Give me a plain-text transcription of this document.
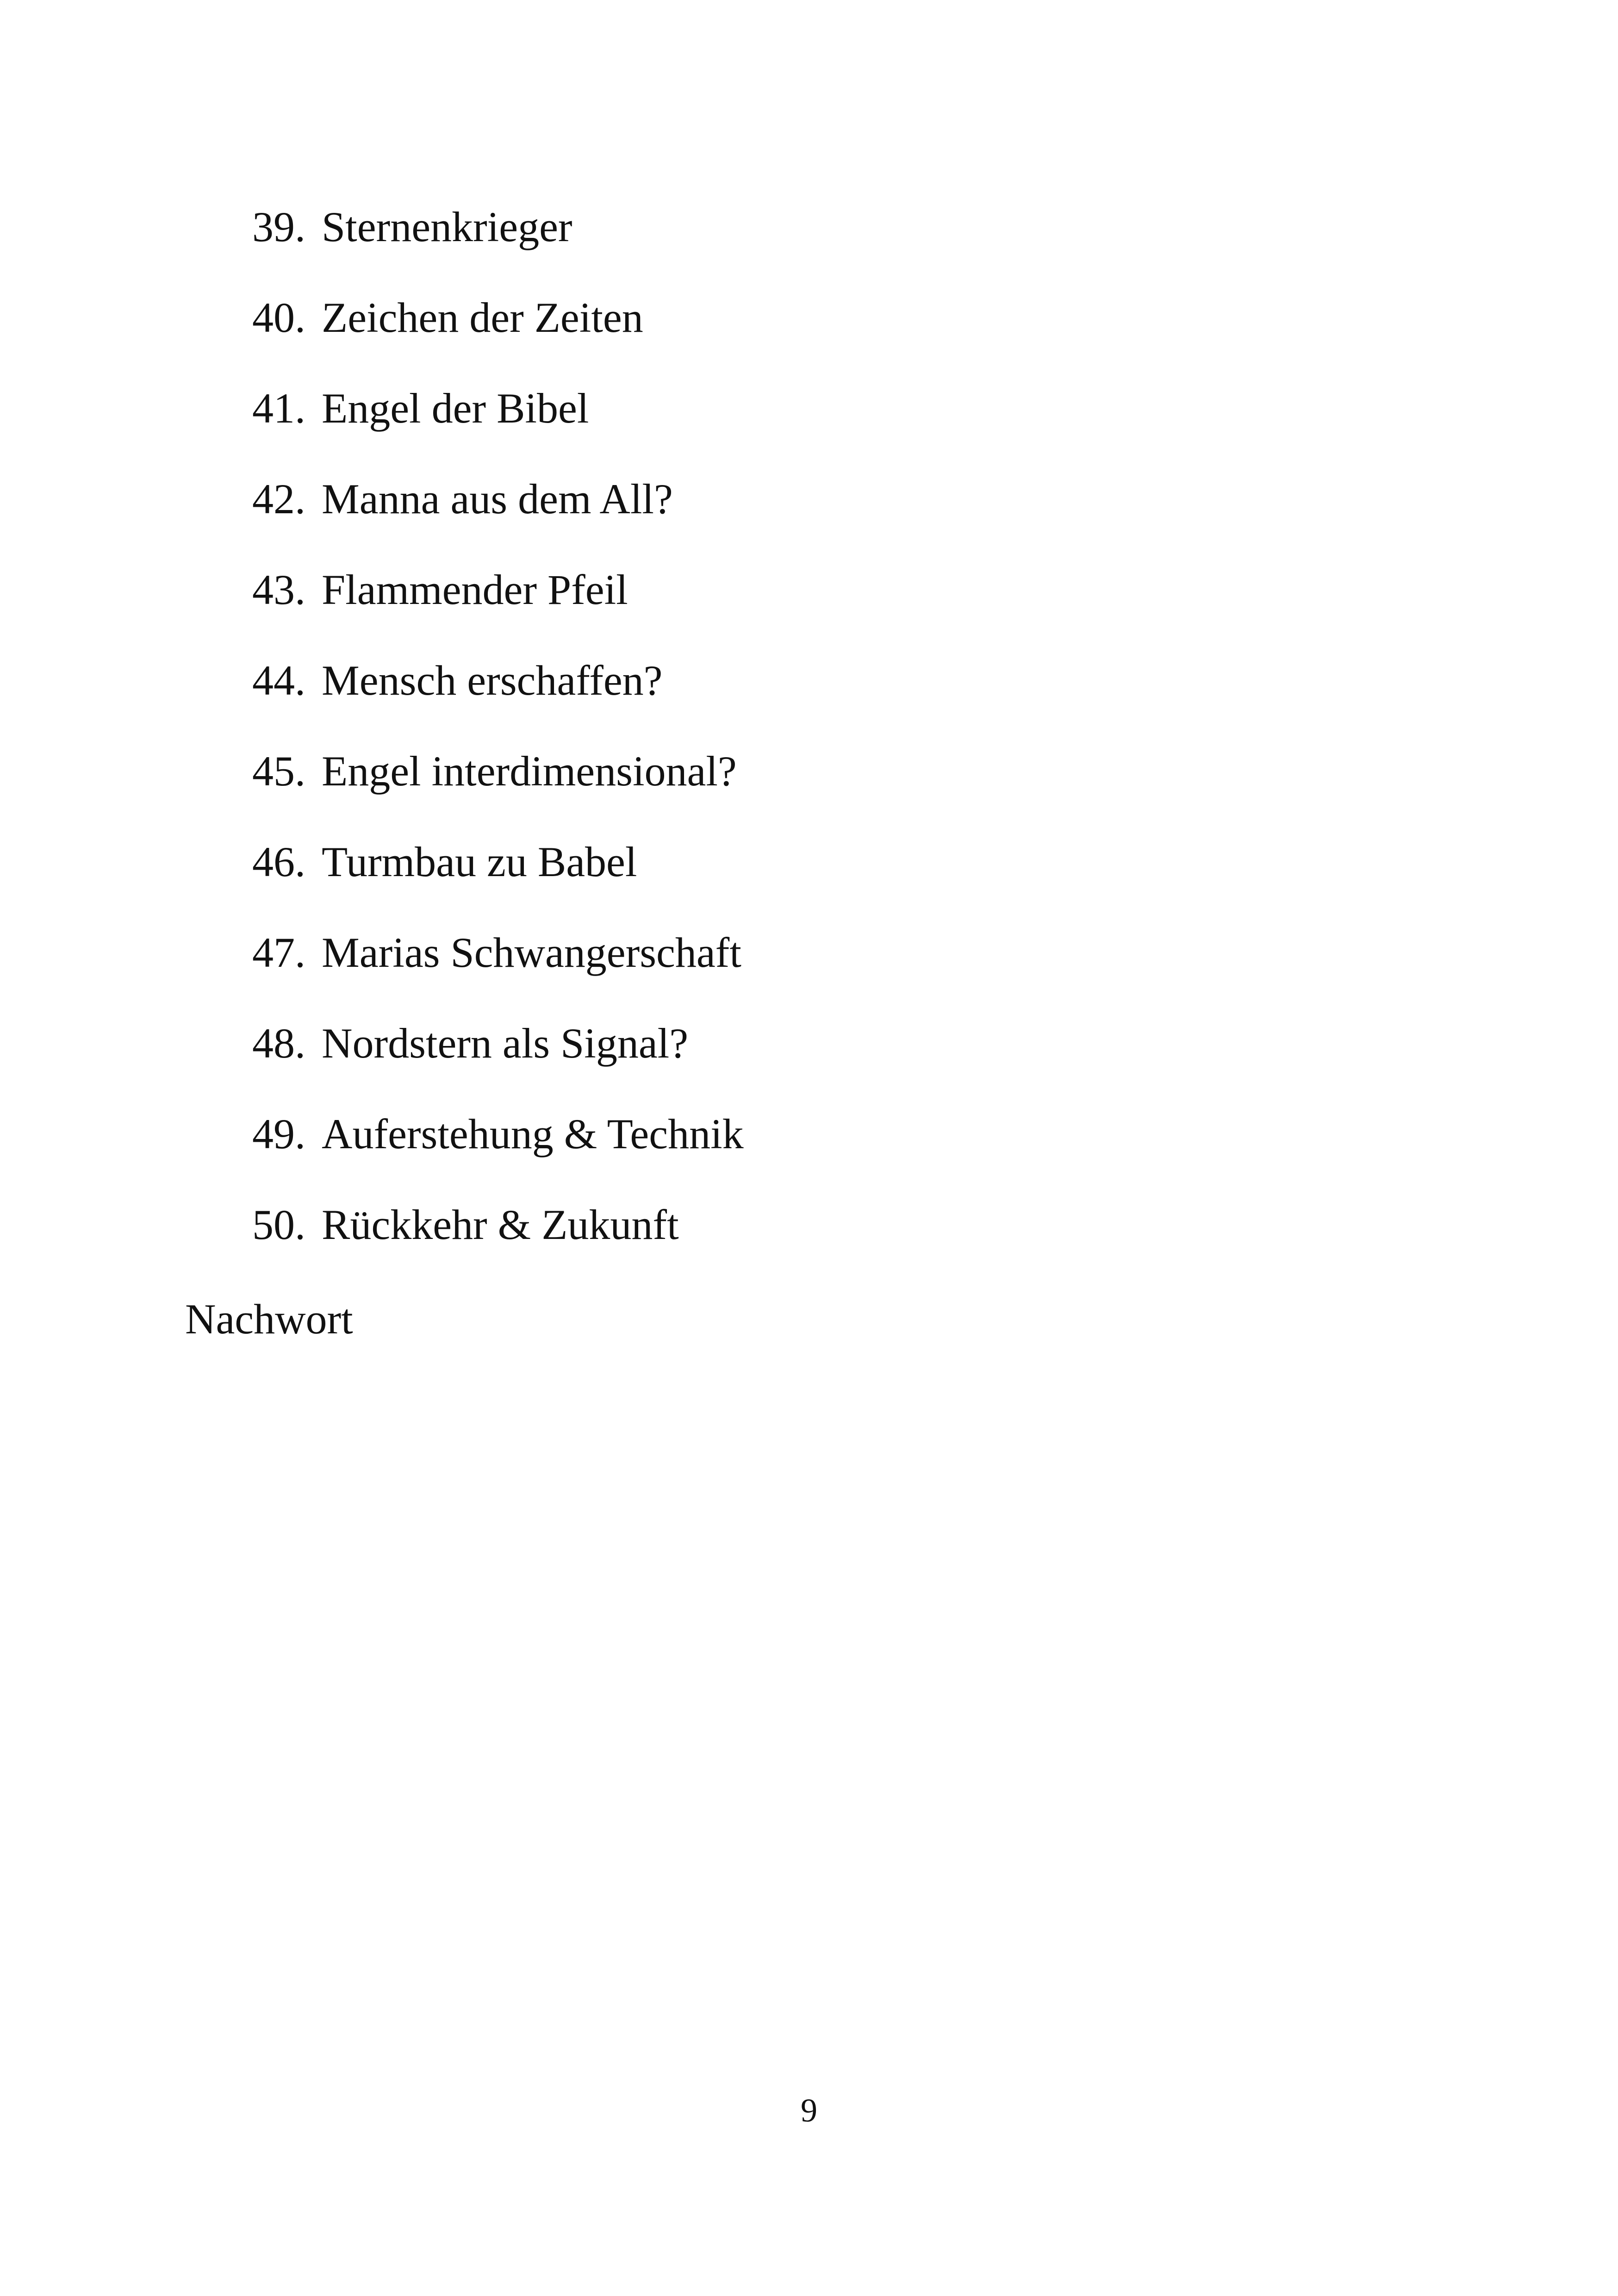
39. Sternenkrieger
40. Zeichen der Zeiten
41. Engel der Bibel
42. Manna aus dem All?
43. Flammender Pfeil
44. Mensch erschaffen?
45. Engel interdimensional?
46. Turmbau zu Babel
47. Marias Schwangerschaft
48. Nordstern als Signal?
49. Auferstehung & Technik
50. Rückkehr & Zukunft
Nachwort
9
